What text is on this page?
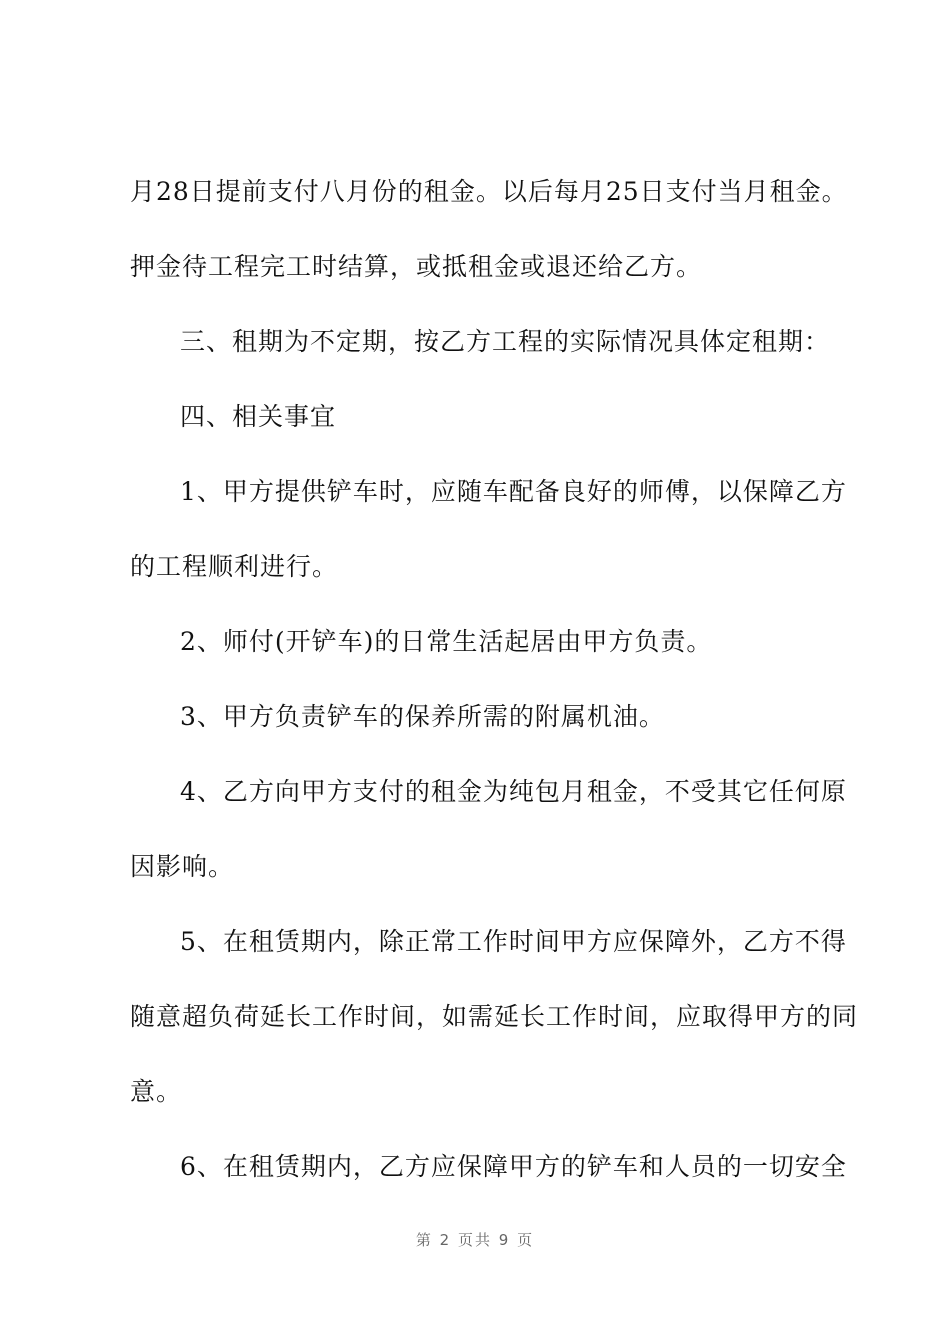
月28日提前支付八月份的租金。以后每月25日支付当月租金。
押金待工程完工时结算，或抵租金或退还给乙方。
三、租期为不定期，按乙方工程的实际情况具体定租期：
四、相关事宜
1、甲方提供铲车时，应随车配备良好的师傅，以保障乙方
的工程顺利进行。
2、师付(开铲车)的日常生活起居由甲方负责。
3、甲方负责铲车的保养所需的附属机油。
4、乙方向甲方支付的租金为纯包月租金，不受其它任何原
因影响。
5、在租赁期内，除正常工作时间甲方应保障外，乙方不得
随意超负荷延长工作时间，如需延长工作时间，应取得甲方的同
意。
6、在租赁期内，乙方应保障甲方的铲车和人员的一切安全
第 2 页共 9 页
